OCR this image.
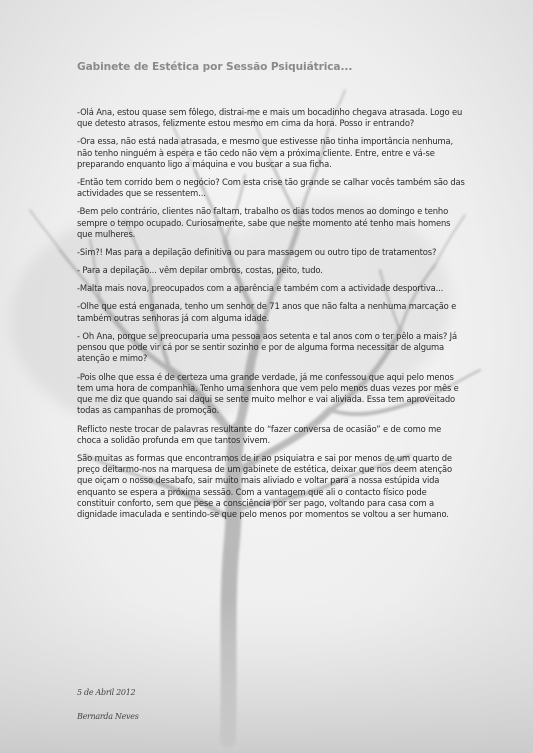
Gabinete de Estética por Sessão Psiquiátrica...

-Olá Ana, estou quase sem fôlego, distrai-me e mais um bocadinho chegava atrasada. Logo eu que detesto atrasos, felizmente estou mesmo em cima da hora. Posso ir entrando?

-Ora essa, não está nada atrasada, e mesmo que estivesse não tinha importância nenhuma, não tenho ninguém à espera e tão cedo não vem a próxima cliente. Entre, entre e vá-se preparando enquanto ligo a máquina e vou buscar a sua ficha.

-Então tem corrido bem o negócio? Com esta crise tão grande se calhar vocês também são das actividades que se ressentem...

-Bem pelo contrário, clientes não faltam, trabalho os dias todos menos ao domingo e tenho sempre o tempo ocupado. Curiosamente, sabe que neste momento até tenho mais homens que mulheres.

-Sim?! Mas para a depilação definitiva ou para massagem ou outro tipo de tratamentos?

- Para a depilação... vêm depilar ombros, costas, peito, tudo.

-Malta mais nova, preocupados com a aparência e também com a actividade desportiva...

-Olhe que está enganada, tenho um senhor de 71 anos que não falta a nenhuma marcação e também outras senhoras já com alguma idade.

- Oh Ana, porque se preocuparia uma pessoa aos setenta e tal anos com o ter pêlo a mais? Já pensou que pode vir cá por se sentir sozinho e por de alguma forma necessitar de alguma atenção e mimo?

-Pois olhe que essa é de certeza uma grande verdade, já me confessou que aqui pelo menos tem uma hora de companhia. Tenho uma senhora que vem pelo menos duas vezes por mês e que me diz que quando sai daqui se sente muito melhor e vai aliviada. Essa tem aproveitado todas as campanhas de promoção.

Reflicto neste trocar de palavras resultante do “fazer conversa de ocasião” e de como me choca a solidão profunda em que tantos vivem.

São muitas as formas que encontramos de ir ao psiquiatra e sai por menos de um quarto de preço deitarmo-nos na marquesa de um gabinete de estética, deixar que nos deem atenção que oiçam o nosso desabafo, sair muito mais aliviado e voltar para a nossa estúpida vida enquanto se espera a próxima sessão. Com a vantagem que ali o contacto físico pode constituir conforto, sem que pese a consciência por ser pago, voltando para casa com a dignidade imaculada e sentindo-se que pelo menos por momentos se voltou a ser humano.

5 de Abril 2012
Bernarda Neves
